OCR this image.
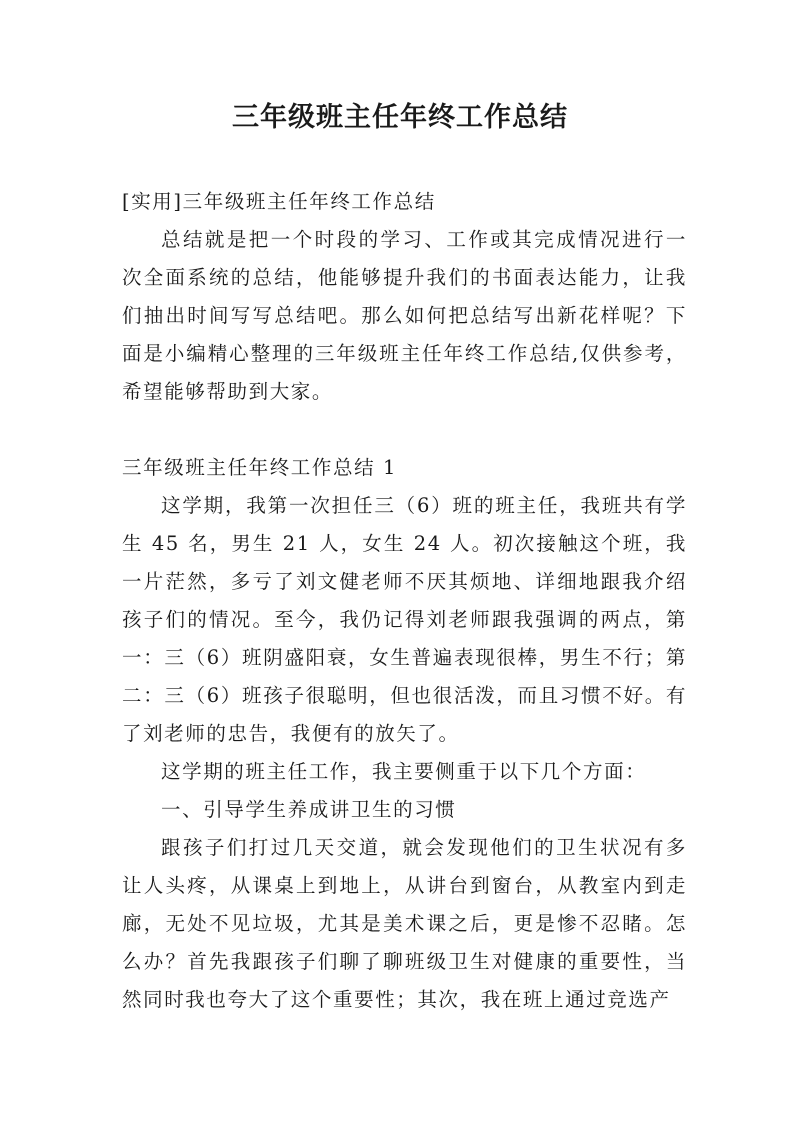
三年级班主任年终工作总结

[实用]三年级班主任年终工作总结

总结就是把一个时段的学习、工作或其完成情况进行一次全面系统的总结，他能够提升我们的书面表达能力，让我们抽出时间写写总结吧。那么如何把总结写出新花样呢？下面是小编精心整理的三年级班主任年终工作总结,仅供参考，希望能够帮助到大家。

三年级班主任年终工作总结 1

这学期，我第一次担任三（6）班的班主任，我班共有学生 45 名，男生 21 人，女生 24 人。初次接触这个班，我一片茫然，多亏了刘文健老师不厌其烦地、详细地跟我介绍孩子们的情况。至今，我仍记得刘老师跟我强调的两点，第一：三（6）班阴盛阳衰，女生普遍表现很棒，男生不行；第二：三（6）班孩子很聪明，但也很活泼，而且习惯不好。有了刘老师的忠告，我便有的放矢了。

这学期的班主任工作，我主要侧重于以下几个方面：

一、引导学生养成讲卫生的习惯

跟孩子们打过几天交道，就会发现他们的卫生状况有多让人头疼，从课桌上到地上，从讲台到窗台，从教室内到走廊，无处不见垃圾，尤其是美术课之后，更是惨不忍睹。怎么办？首先我跟孩子们聊了聊班级卫生对健康的重要性，当然同时我也夸大了这个重要性；其次，我在班上通过竞选产
